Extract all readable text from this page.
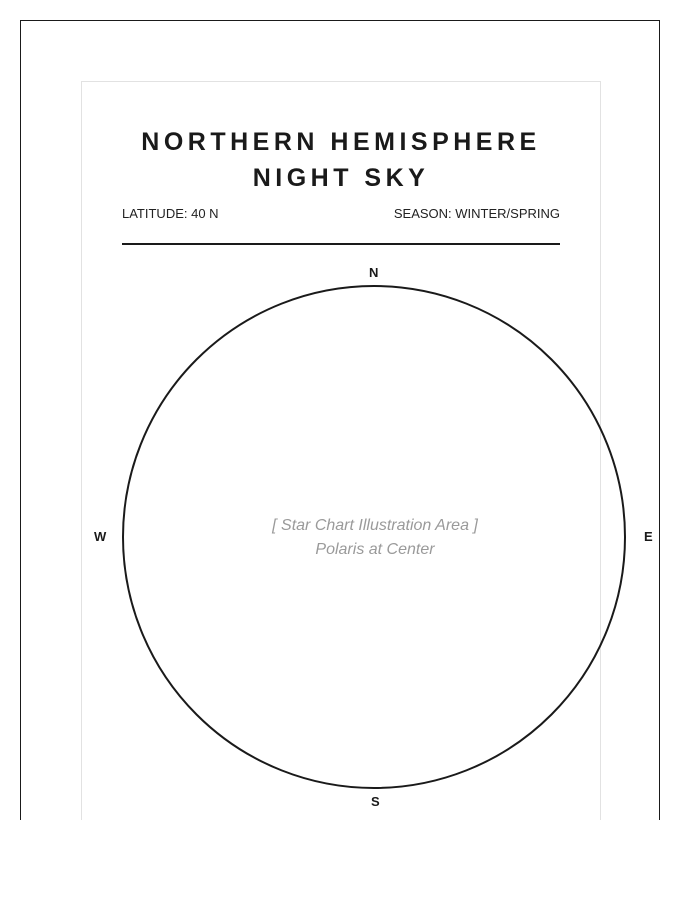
NORTHERN HEMISPHERE
NIGHT SKY
LATITUDE: 40 N	SEASON: WINTER/SPRING
N
W	E
S
[ Star Chart Illustration Area ]
Polaris at Center
